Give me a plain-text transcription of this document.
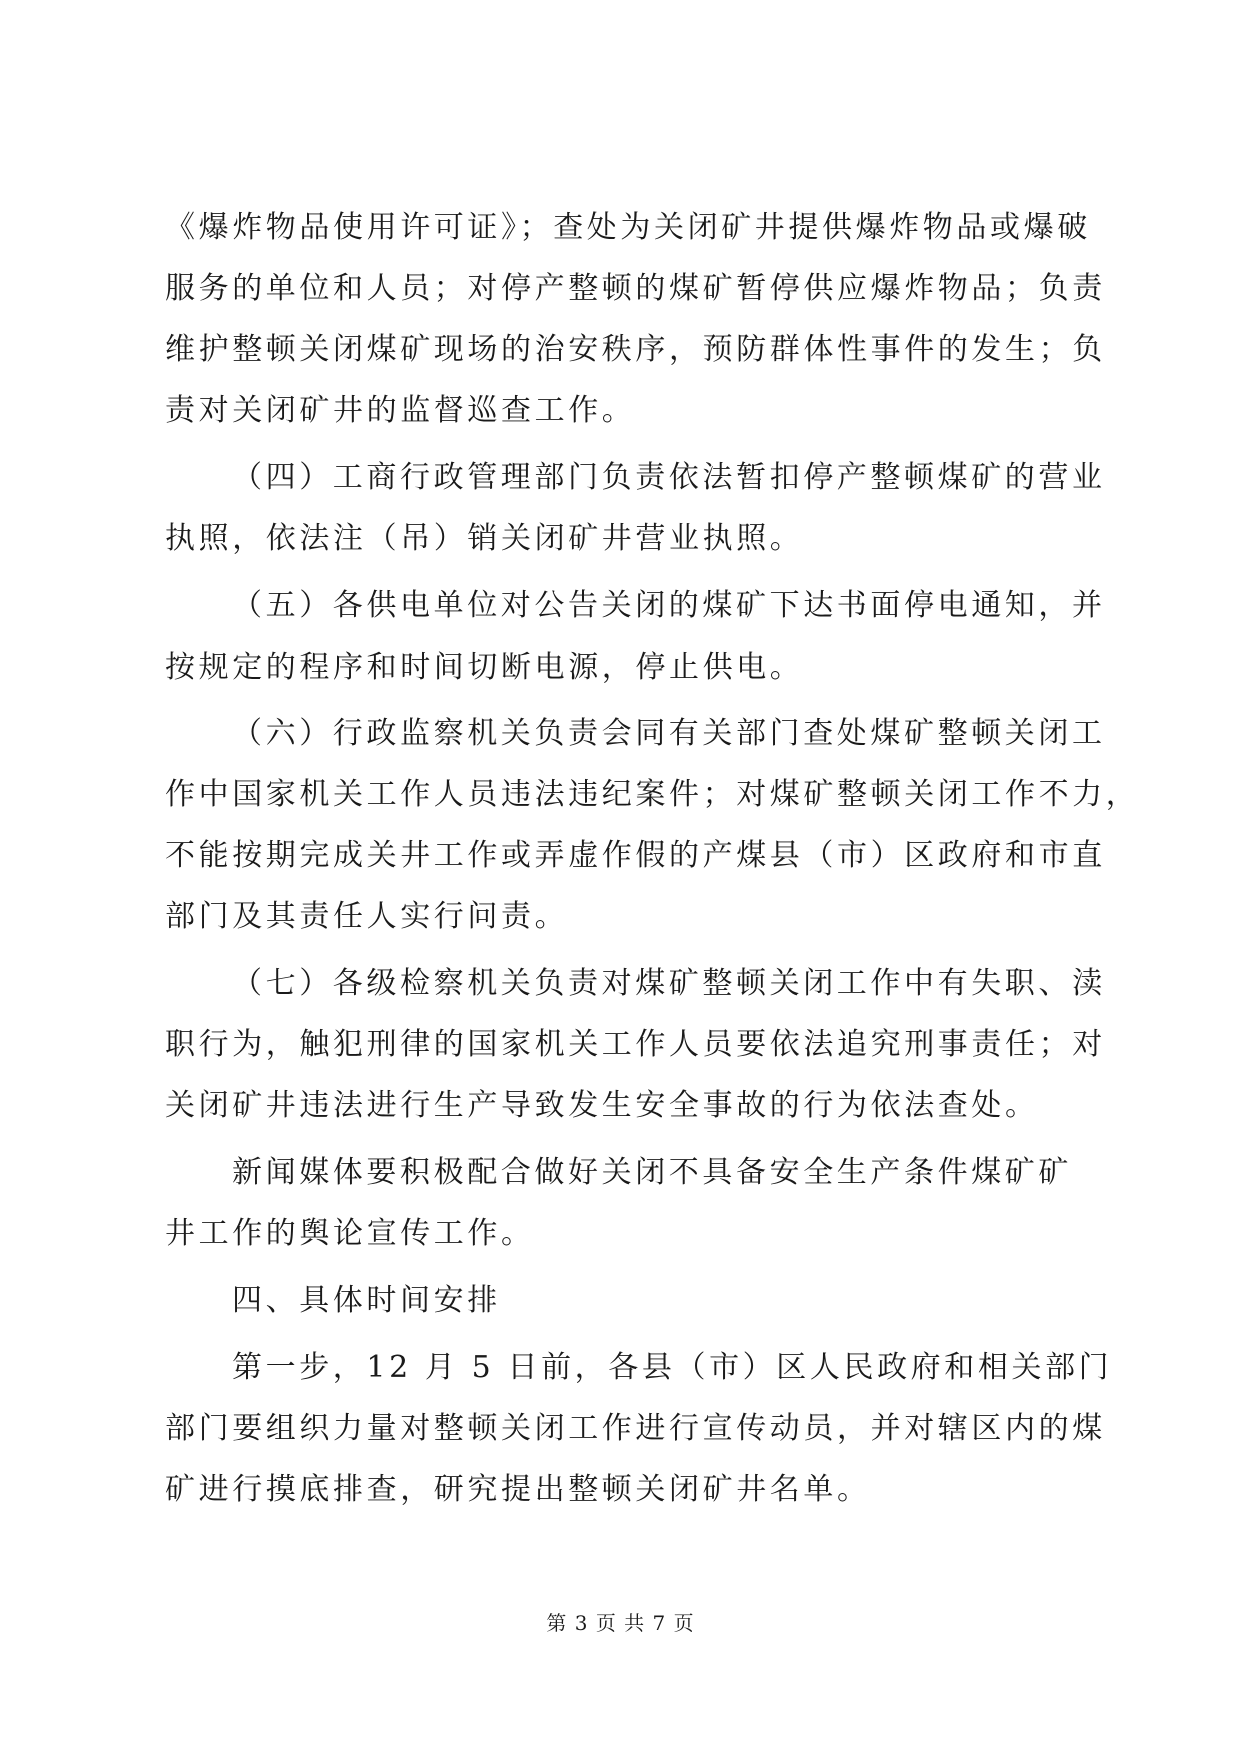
《爆炸物品使用许可证》；查处为关闭矿井提供爆炸物品或爆破
服务的单位和人员；对停产整顿的煤矿暂停供应爆炸物品；负责
维护整顿关闭煤矿现场的治安秩序，预防群体性事件的发生；负
责对关闭矿井的监督巡查工作。
（四）工商行政管理部门负责依法暂扣停产整顿煤矿的营业
执照，依法注（吊）销关闭矿井营业执照。
（五）各供电单位对公告关闭的煤矿下达书面停电通知，并
按规定的程序和时间切断电源，停止供电。
（六）行政监察机关负责会同有关部门查处煤矿整顿关闭工
作中国家机关工作人员违法违纪案件；对煤矿整顿关闭工作不力，
不能按期完成关井工作或弄虚作假的产煤县（市）区政府和市直
部门及其责任人实行问责。
（七）各级检察机关负责对煤矿整顿关闭工作中有失职、渎
职行为，触犯刑律的国家机关工作人员要依法追究刑事责任；对
关闭矿井违法进行生产导致发生安全事故的行为依法查处。
新闻媒体要积极配合做好关闭不具备安全生产条件煤矿矿
井工作的舆论宣传工作。
四、具体时间安排
第一步，12 月 5 日前，各县（市）区人民政府和相关部门
部门要组织力量对整顿关闭工作进行宣传动员，并对辖区内的煤
矿进行摸底排查，研究提出整顿关闭矿井名单。
第 3 页 共 7 页
